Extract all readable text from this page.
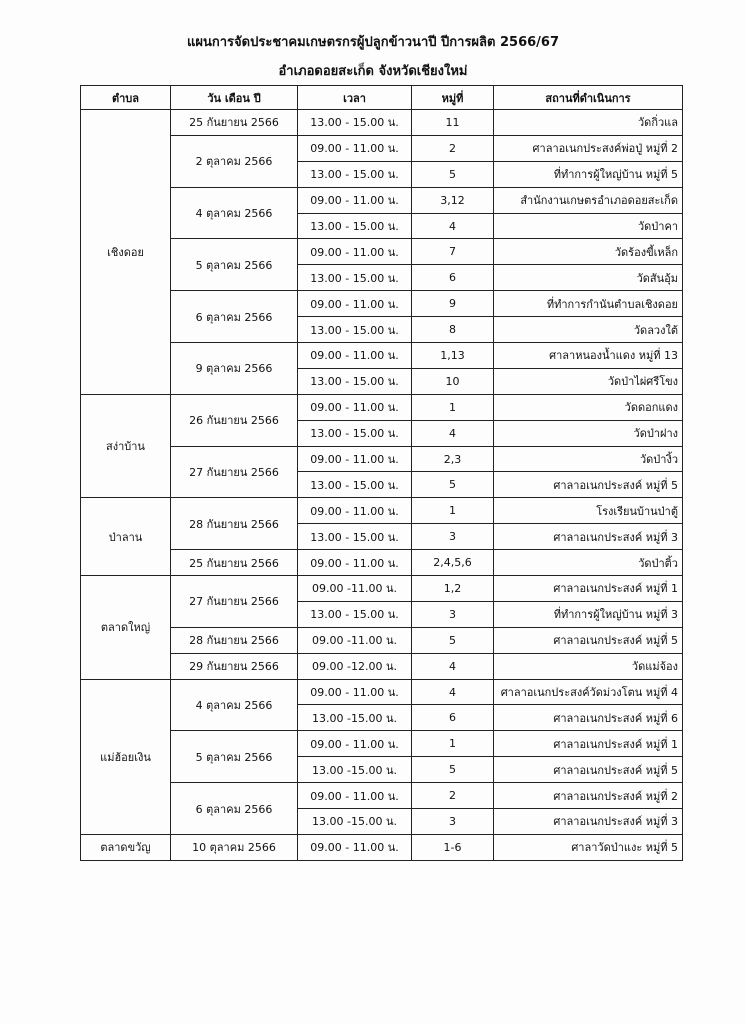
แผนการจัดประชาคมเกษตรกรผู้ปลูกข้าวนาปี ปีการผลิต 2566/67
อำเภอดอยสะเก็ด จังหวัดเชียงใหม่
ตำบล	วัน เดือน ปี	เวลา	หมู่ที่	สถานที่ดำเนินการ
เชิงดอย	25 กันยายน 2566	13.00 - 15.00 น.	11	วัดกิ่วแล
	2 ตุลาคม 2566	09.00 - 11.00 น.	2	ศาลาอเนกประสงค์พ่อปู่ หมู่ที่ 2
		13.00 - 15.00 น.	5	ที่ทำการผู้ใหญ่บ้าน หมู่ที่ 5
	4 ตุลาคม 2566	09.00 - 11.00 น.	3,12	สำนักงานเกษตรอำเภอดอยสะเก็ด
		13.00 - 15.00 น.	4	วัดป่าคา
	5 ตุลาคม 2566	09.00 - 11.00 น.	7	วัดร้องขี้เหล็ก
		13.00 - 15.00 น.	6	วัดสันอุ้ม
	6 ตุลาคม 2566	09.00 - 11.00 น.	9	ที่ทำการกำนันตำบลเชิงดอย
		13.00 - 15.00 น.	8	วัดลวงใต้
	9 ตุลาคม 2566	09.00 - 11.00 น.	1,13	ศาลาหนองน้ำแดง หมู่ที่ 13
		13.00 - 15.00 น.	10	วัดป่าไผ่ศรีโขง
สง่าบ้าน	26 กันยายน 2566	09.00 - 11.00 น.	1	วัดดอกแดง
		13.00 - 15.00 น.	4	วัดป่าฝาง
	27 กันยายน 2566	09.00 - 11.00 น.	2,3	วัดป่างิ้ว
		13.00 - 15.00 น.	5	ศาลาอเนกประสงค์ หมู่ที่ 5
ป่าลาน	28 กันยายน 2566	09.00 - 11.00 น.	1	โรงเรียนบ้านป่าตู้
		13.00 - 15.00 น.	3	ศาลาอเนกประสงค์ หมู่ที่ 3
	25 กันยายน 2566	09.00 - 11.00 น.	2,4,5,6	วัดป่าติ้ว
ตลาดใหญ่	27 กันยายน 2566	09.00 -11.00 น.	1,2	ศาลาอเนกประสงค์ หมู่ที่ 1
		13.00 - 15.00 น.	3	ที่ทำการผู้ใหญ่บ้าน หมู่ที่ 3
	28 กันยายน 2566	09.00 -11.00 น.	5	ศาลาอเนกประสงค์ หมู่ที่ 5
	29 กันยายน 2566	09.00 -12.00 น.	4	วัดแม่จ้อง
แม่ฮ้อยเงิน	4 ตุลาคม 2566	09.00 - 11.00 น.	4	ศาลาอเนกประสงค์วัดม่วงโตน หมู่ที่ 4
		13.00 -15.00 น.	6	ศาลาอเนกประสงค์ หมู่ที่ 6
	5 ตุลาคม 2566	09.00 - 11.00 น.	1	ศาลาอเนกประสงค์ หมู่ที่ 1
		13.00 -15.00 น.	5	ศาลาอเนกประสงค์ หมู่ที่ 5
	6 ตุลาคม 2566	09.00 - 11.00 น.	2	ศาลาอเนกประสงค์ หมู่ที่ 2
		13.00 -15.00 น.	3	ศาลาอเนกประสงค์ หมู่ที่ 3
ตลาดขวัญ	10 ตุลาคม 2566	09.00 - 11.00 น.	1-6	ศาลาวัดป่าแงะ หมู่ที่ 5
